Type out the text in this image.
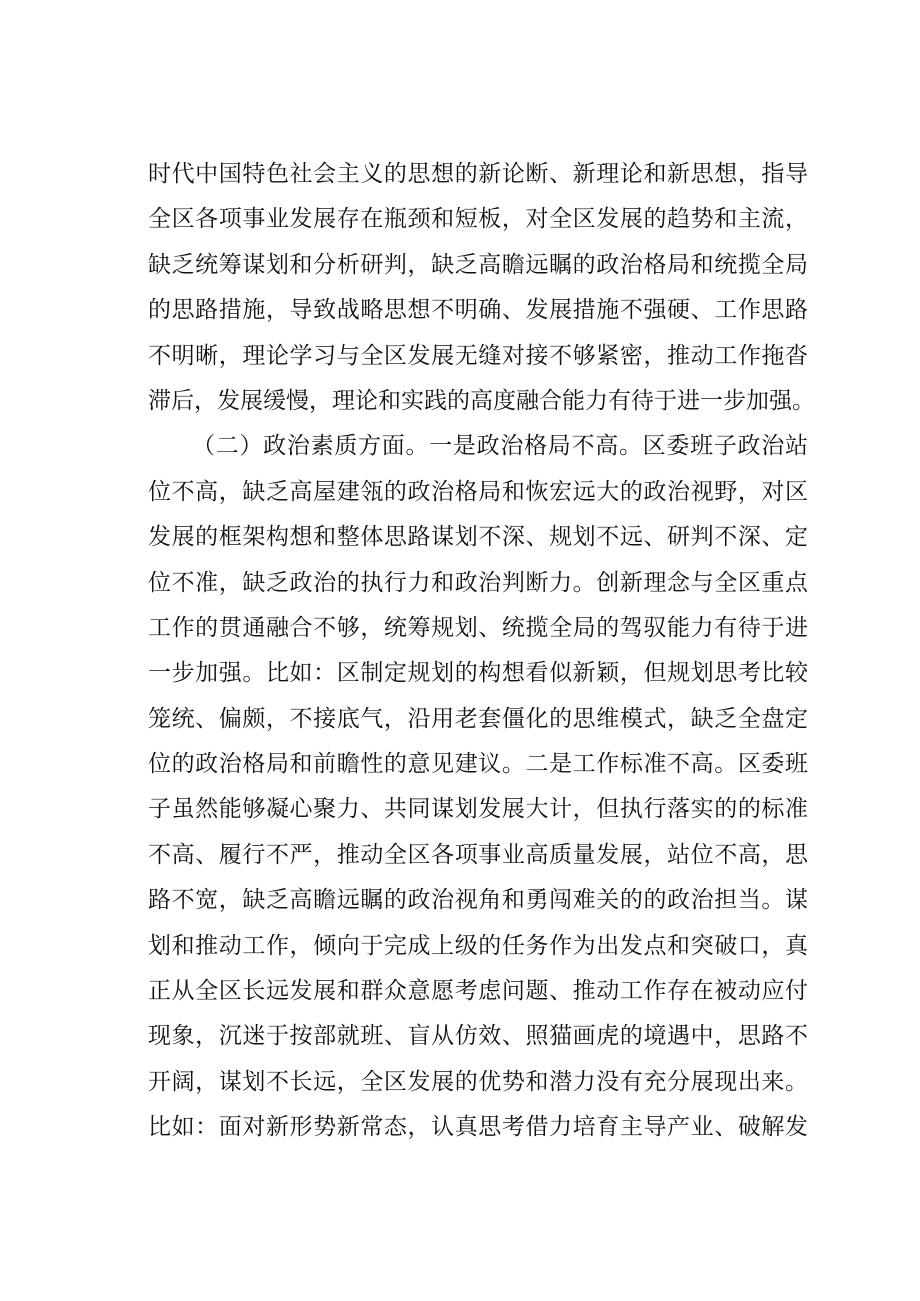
时代中国特色社会主义的思想的新论断、新理论和新思想，指导
全区各项事业发展存在瓶颈和短板，对全区发展的趋势和主流，
缺乏统筹谋划和分析研判，缺乏高瞻远瞩的政治格局和统揽全局
的思路措施，导致战略思想不明确、发展措施不强硬、工作思路
不明晰，理论学习与全区发展无缝对接不够紧密，推动工作拖沓
滞后，发展缓慢，理论和实践的高度融合能力有待于进一步加强。
（二）政治素质方面。一是政治格局不高。区委班子政治站
位不高，缺乏高屋建瓴的政治格局和恢宏远大的政治视野，对区
发展的框架构想和整体思路谋划不深、规划不远、研判不深、定
位不准，缺乏政治的执行力和政治判断力。创新理念与全区重点
工作的贯通融合不够，统筹规划、统揽全局的驾驭能力有待于进
一步加强。比如：区制定规划的构想看似新颖，但规划思考比较
笼统、偏颇，不接底气，沿用老套僵化的思维模式，缺乏全盘定
位的政治格局和前瞻性的意见建议。二是工作标准不高。区委班
子虽然能够凝心聚力、共同谋划发展大计，但执行落实的的标准
不高、履行不严，推动全区各项事业高质量发展，站位不高，思
路不宽，缺乏高瞻远瞩的政治视角和勇闯难关的的政治担当。谋
划和推动工作，倾向于完成上级的任务作为出发点和突破口，真
正从全区长远发展和群众意愿考虑问题、推动工作存在被动应付
现象，沉迷于按部就班、盲从仿效、照猫画虎的境遇中，思路不
开阔，谋划不长远，全区发展的优势和潜力没有充分展现出来。
比如：面对新形势新常态，认真思考借力培育主导产业、破解发
